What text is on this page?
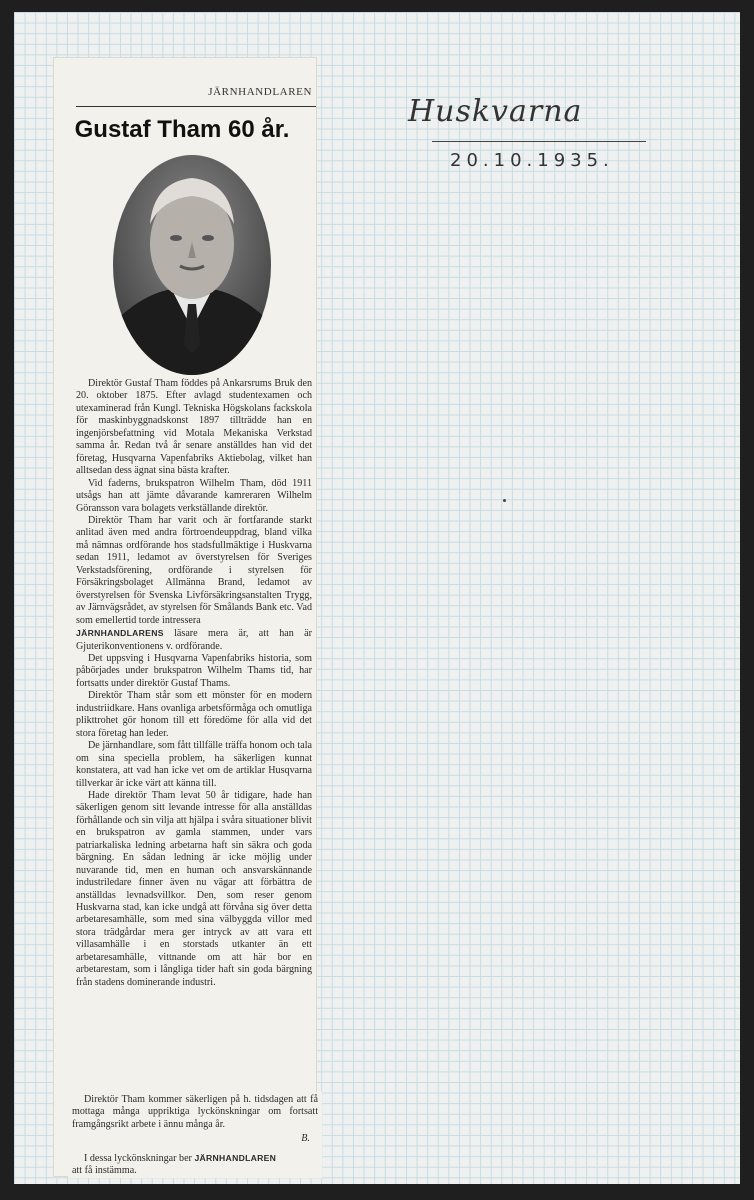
JÄRNHANDLAREN
Gustaf Tham 60 år.

Direktör Gustaf Tham föddes på Ankarsrums Bruk den 20. oktober 1875. Efter avlagd studentexamen och utexaminerad från Kungl. Tekniska Högskolans fackskola för maskinbyggnadskonst 1897 tillträdde han en ingenjörsbefattning vid Motala Mekaniska Verkstad samma år. Redan två år senare anställdes han vid det företag, Husqvarna Vapenfabriks Aktiebolag, vilket han alltsedan dess ägnat sina bästa krafter.

Vid faderns, brukspatron Wilhelm Tham, död 1911 utsågs han att jämte dåvarande kamreraren Wilhelm Göransson vara bolagets verkställande direktör.

Direktör Tham har varit och är fortfarande starkt anlitad även med andra förtroendeuppdrag, bland vilka må nämnas ordförande hos stadsfullmäktige i Huskvarna sedan 1911, ledamot av överstyrelsen för Sveriges Verkstadsförening, ordförande i styrelsen för Försäkringsbolaget Allmänna Brand, ledamot av överstyrelsen för Svenska Livförsäkringsanstalten Trygg, av Järnvägsrådet, av styrelsen för Smålands Bank etc. Vad som emellertid torde intressera

JÄRNHANDLARENS läsare mera är, att han är Gjuterikonventionens v. ordförande.

Det uppsving i Husqvarna Vapenfabriks historia, som påbörjades under brukspatron Wilhelm Thams tid, har fortsatts under direktör Gustaf Thams.

Direktör Tham står som ett mönster för en modern industriidkare. Hans ovanliga arbetsförmåga och omutliga plikttrohet gör honom till ett föredöme för alla vid det stora företag han leder.

De järnhandlare, som fått tillfälle träffa honom och tala om sina speciella problem, ha säkerligen kunnat konstatera, att vad han icke vet om de artiklar Husqvarna tillverkar är icke värt att känna till.

Hade direktör Tham levat 50 år tidigare, hade han säkerligen genom sitt levande intresse för alla anställdas förhållande och sin vilja att hjälpa i svåra situationer blivit en brukspatron av gamla stammen, under vars patriarkaliska ledning arbetarna haft sin säkra och goda bärgning. En sådan ledning är icke möjlig under nuvarande tid, men en human och ansvarskännande industriledare finner även nu vägar att förbättra de anställdas levnadsvillkor. Den, som reser genom Huskvarna stad, kan icke undgå att förvåna sig över detta arbetaresamhälle, som med sina välbyggda villor med stora trädgårdar mera ger intryck av att vara ett villasamhälle i en storstads utkanter än ett arbetaresamhälle, vittnande om att här bor en arbetarestam, som i långliga tider haft sin goda bärgning från stadens dominerande industri.

Direktör Tham kommer säkerligen på h. tidsdagen att få mottaga många uppriktiga lyckönskningar om fortsatt framgångsrikt arbete i ännu många år.

B.
I dessa lyckönskningar ber JÄRNHANDLAREN
att få instämma.
Huskvarna
20.10.1935.
